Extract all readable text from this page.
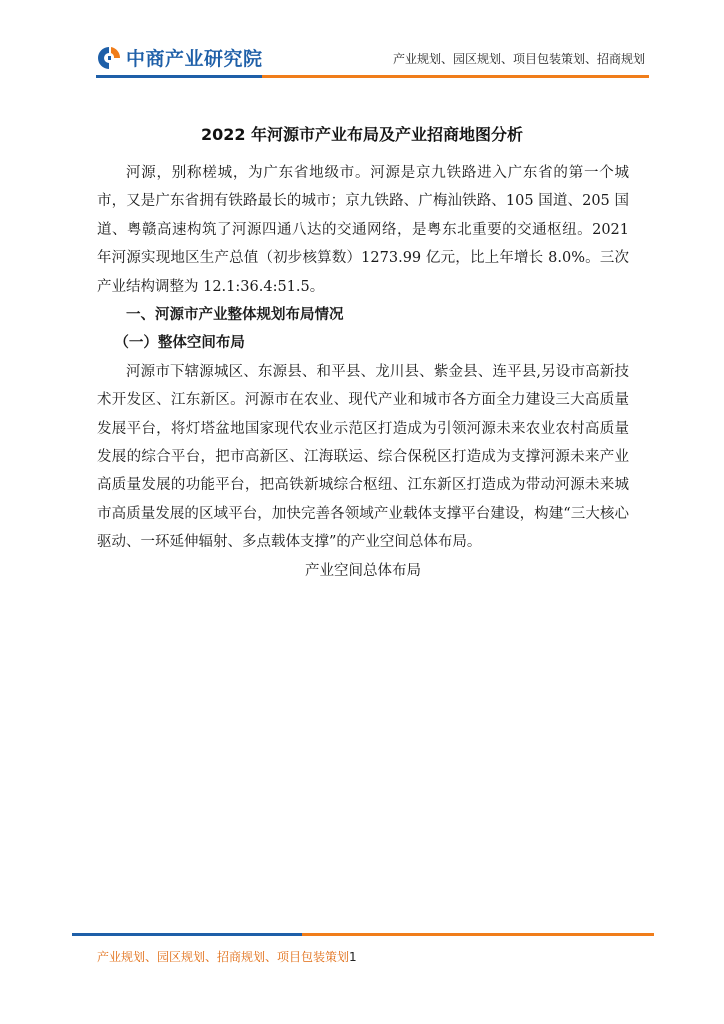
中商产业研究院	产业规划、园区规划、项目包装策划、招商规划
2022 年河源市产业布局及产业招商地图分析

河源，别称槎城，为广东省地级市。河源是京九铁路进入广东省的第一个城市，又是广东省拥有铁路最长的城市；京九铁路、广梅汕铁路、105 国道、205 国道、粤赣高速构筑了河源四通八达的交通网络，是粤东北重要的交通枢纽。2021 年河源实现地区生产总值（初步核算数）1273.99 亿元，比上年增长 8.0%。三次产业结构调整为 12.1:36.4:51.5。

一、河源市产业整体规划布局情况

（一）整体空间布局

河源市下辖源城区、东源县、和平县、龙川县、紫金县、连平县,另设市高新技术开发区、江东新区。河源市在农业、现代产业和城市各方面全力建设三大高质量发展平台，将灯塔盆地国家现代农业示范区打造成为引领河源未来农业农村高质量发展的综合平台，把市高新区、江海联运、综合保税区打造成为支撑河源未来产业高质量发展的功能平台，把高铁新城综合枢纽、江东新区打造成为带动河源未来城市高质量发展的区域平台，加快完善各领域产业载体支撑平台建设，构建“三大核心驱动、一环延伸辐射、多点载体支撑”的产业空间总体布局。

产业空间总体布局

产业规划、园区规划、招商规划、项目包装策划1
